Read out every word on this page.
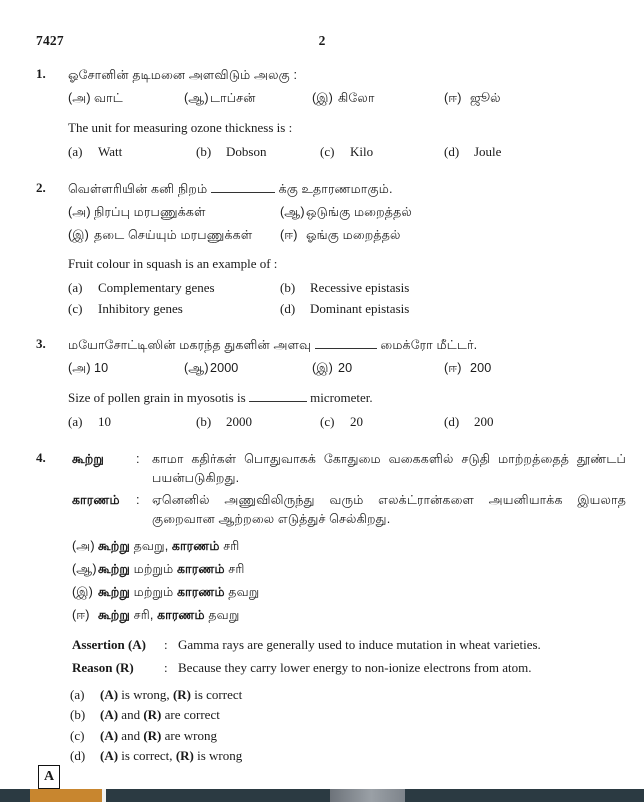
7427	2
1.	ஓசோனின் தடிமனை அளவிடும் அலகு :

(அ) வாட்	(ஆ)டாப்சன்	(இ) கிலோ	(ஈ) ஜூல்

The unit for measuring ozone thickness is :

(a) Watt	(b) Dobson	(c) Kilo	(d) Joule
2.	வெள்ளரியின் கனி நிறம்	க்கு உதாரணமாகும்.

(அ) நிரப்பு மரபணுக்கள்	(ஆ)ஒடுங்கு மறைத்தல்
(இ) தடை செய்யும் மரபணுக்கள் (ஈ) ஓங்கு மறைத்தல்

Fruit colour in squash is an example of :

(a) Complementary genes	(b) Recessive epistasis
(c) Inhibitory genes	(d) Dominant epistasis
3.	மயோசோட்டிஸின் மகரந்த துகளின் அளவு	மைக்ரோ மீட்டர்.

(அ) 10	(ஆ)2000	(இ) 20	(ஈ) 200

Size of pollen grain in myosotis is	micrometer.

(a) 10	(b) 2000	(c) 20	(d) 200
4.	கூற்று	: காமா கதிர்கள் பொதுவாகக் கோதுமை வகைகளில் சடுதி மாற்றத்தைத் தூண்டப் பயன்படுகிறது.
காரணம்	: ஏனெனில் அணுவிலிருந்து வரும் எலக்ட்ரான்களை அயனியாக்க இயலாத குறைவான ஆற்றலை எடுத்துச் செல்கிறது.
(அ) கூற்று தவறு, காரணம் சரி
(ஆ)கூற்று மற்றும் காரணம் சரி
(இ) கூற்று மற்றும் காரணம் தவறு
(ஈ) கூற்று சரி, காரணம் தவறு
Assertion (A)	: Gamma rays are generally used to induce mutation in wheat varieties.
Reason (R)	: Because they carry lower energy to non-ionize electrons from atom.
(a) (A) is wrong, (R) is correct
(b) (A) and (R) are correct
(c) (A) and (R) are wrong
(d) (A) is correct, (R) is wrong
A
